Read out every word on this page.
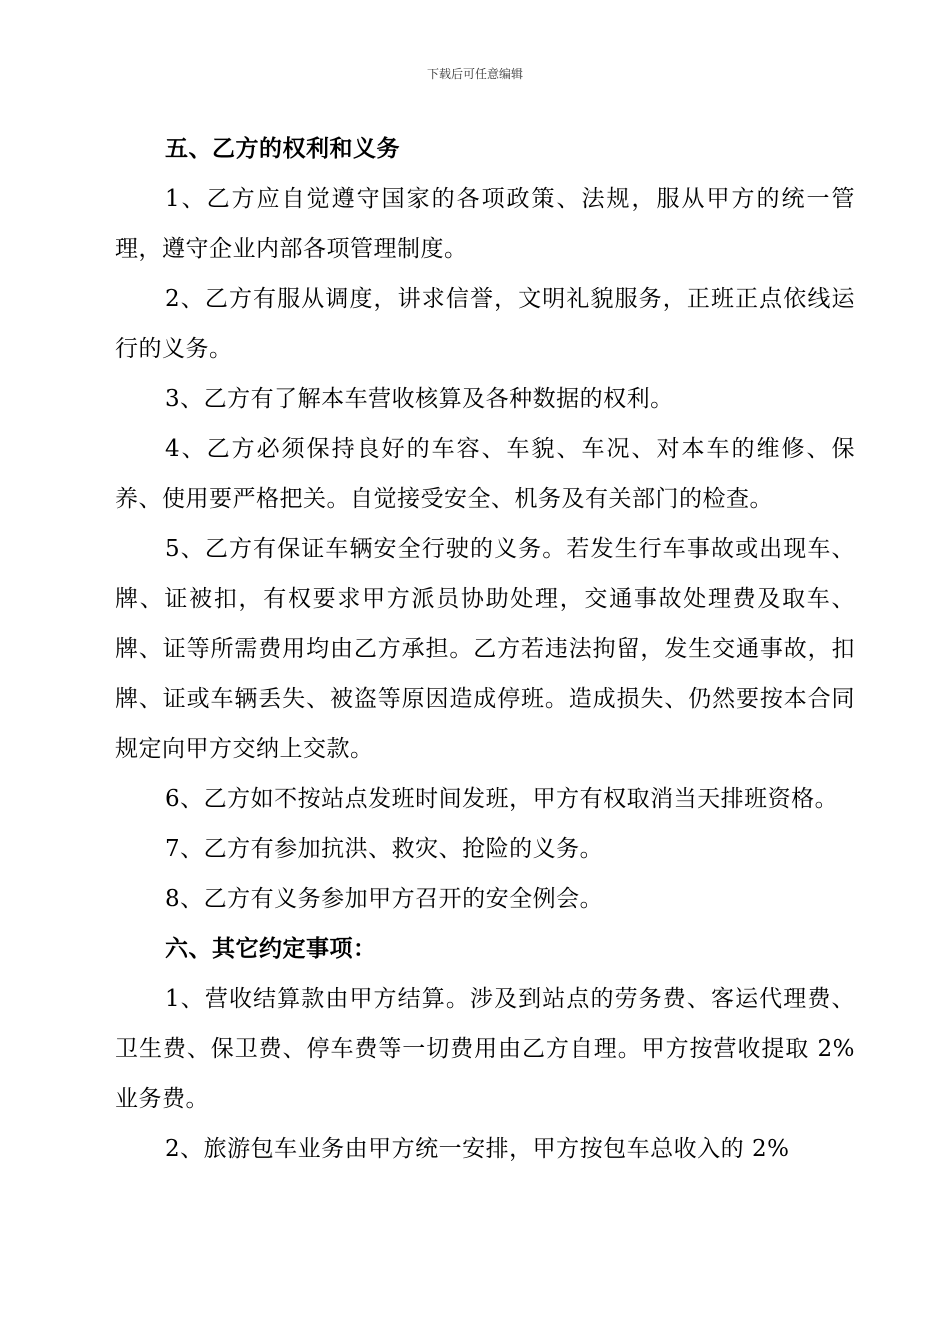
下载后可任意编辑

五、乙方的权利和义务

1、乙方应自觉遵守国家的各项政策、法规，服从甲方的统一管理，遵守企业内部各项管理制度。

2、乙方有服从调度，讲求信誉，文明礼貌服务，正班正点依线运行的义务。

3、乙方有了解本车营收核算及各种数据的权利。

4、乙方必须保持良好的车容、车貌、车况、对本车的维修、保养、使用要严格把关。自觉接受安全、机务及有关部门的检查。

5、乙方有保证车辆安全行驶的义务。若发生行车事故或出现车、牌、证被扣，有权要求甲方派员协助处理，交通事故处理费及取车、牌、证等所需费用均由乙方承担。乙方若违法拘留，发生交通事故，扣牌、证或车辆丢失、被盗等原因造成停班。造成损失、仍然要按本合同规定向甲方交纳上交款。

6、乙方如不按站点发班时间发班，甲方有权取消当天排班资格。

7、乙方有参加抗洪、救灾、抢险的义务。

8、乙方有义务参加甲方召开的安全例会。

六、其它约定事项：

1、营收结算款由甲方结算。涉及到站点的劳务费、客运代理费、卫生费、保卫费、停车费等一切费用由乙方自理。甲方按营收提取 2%业务费。

2、旅游包车业务由甲方统一安排，甲方按包车总收入的 2%
